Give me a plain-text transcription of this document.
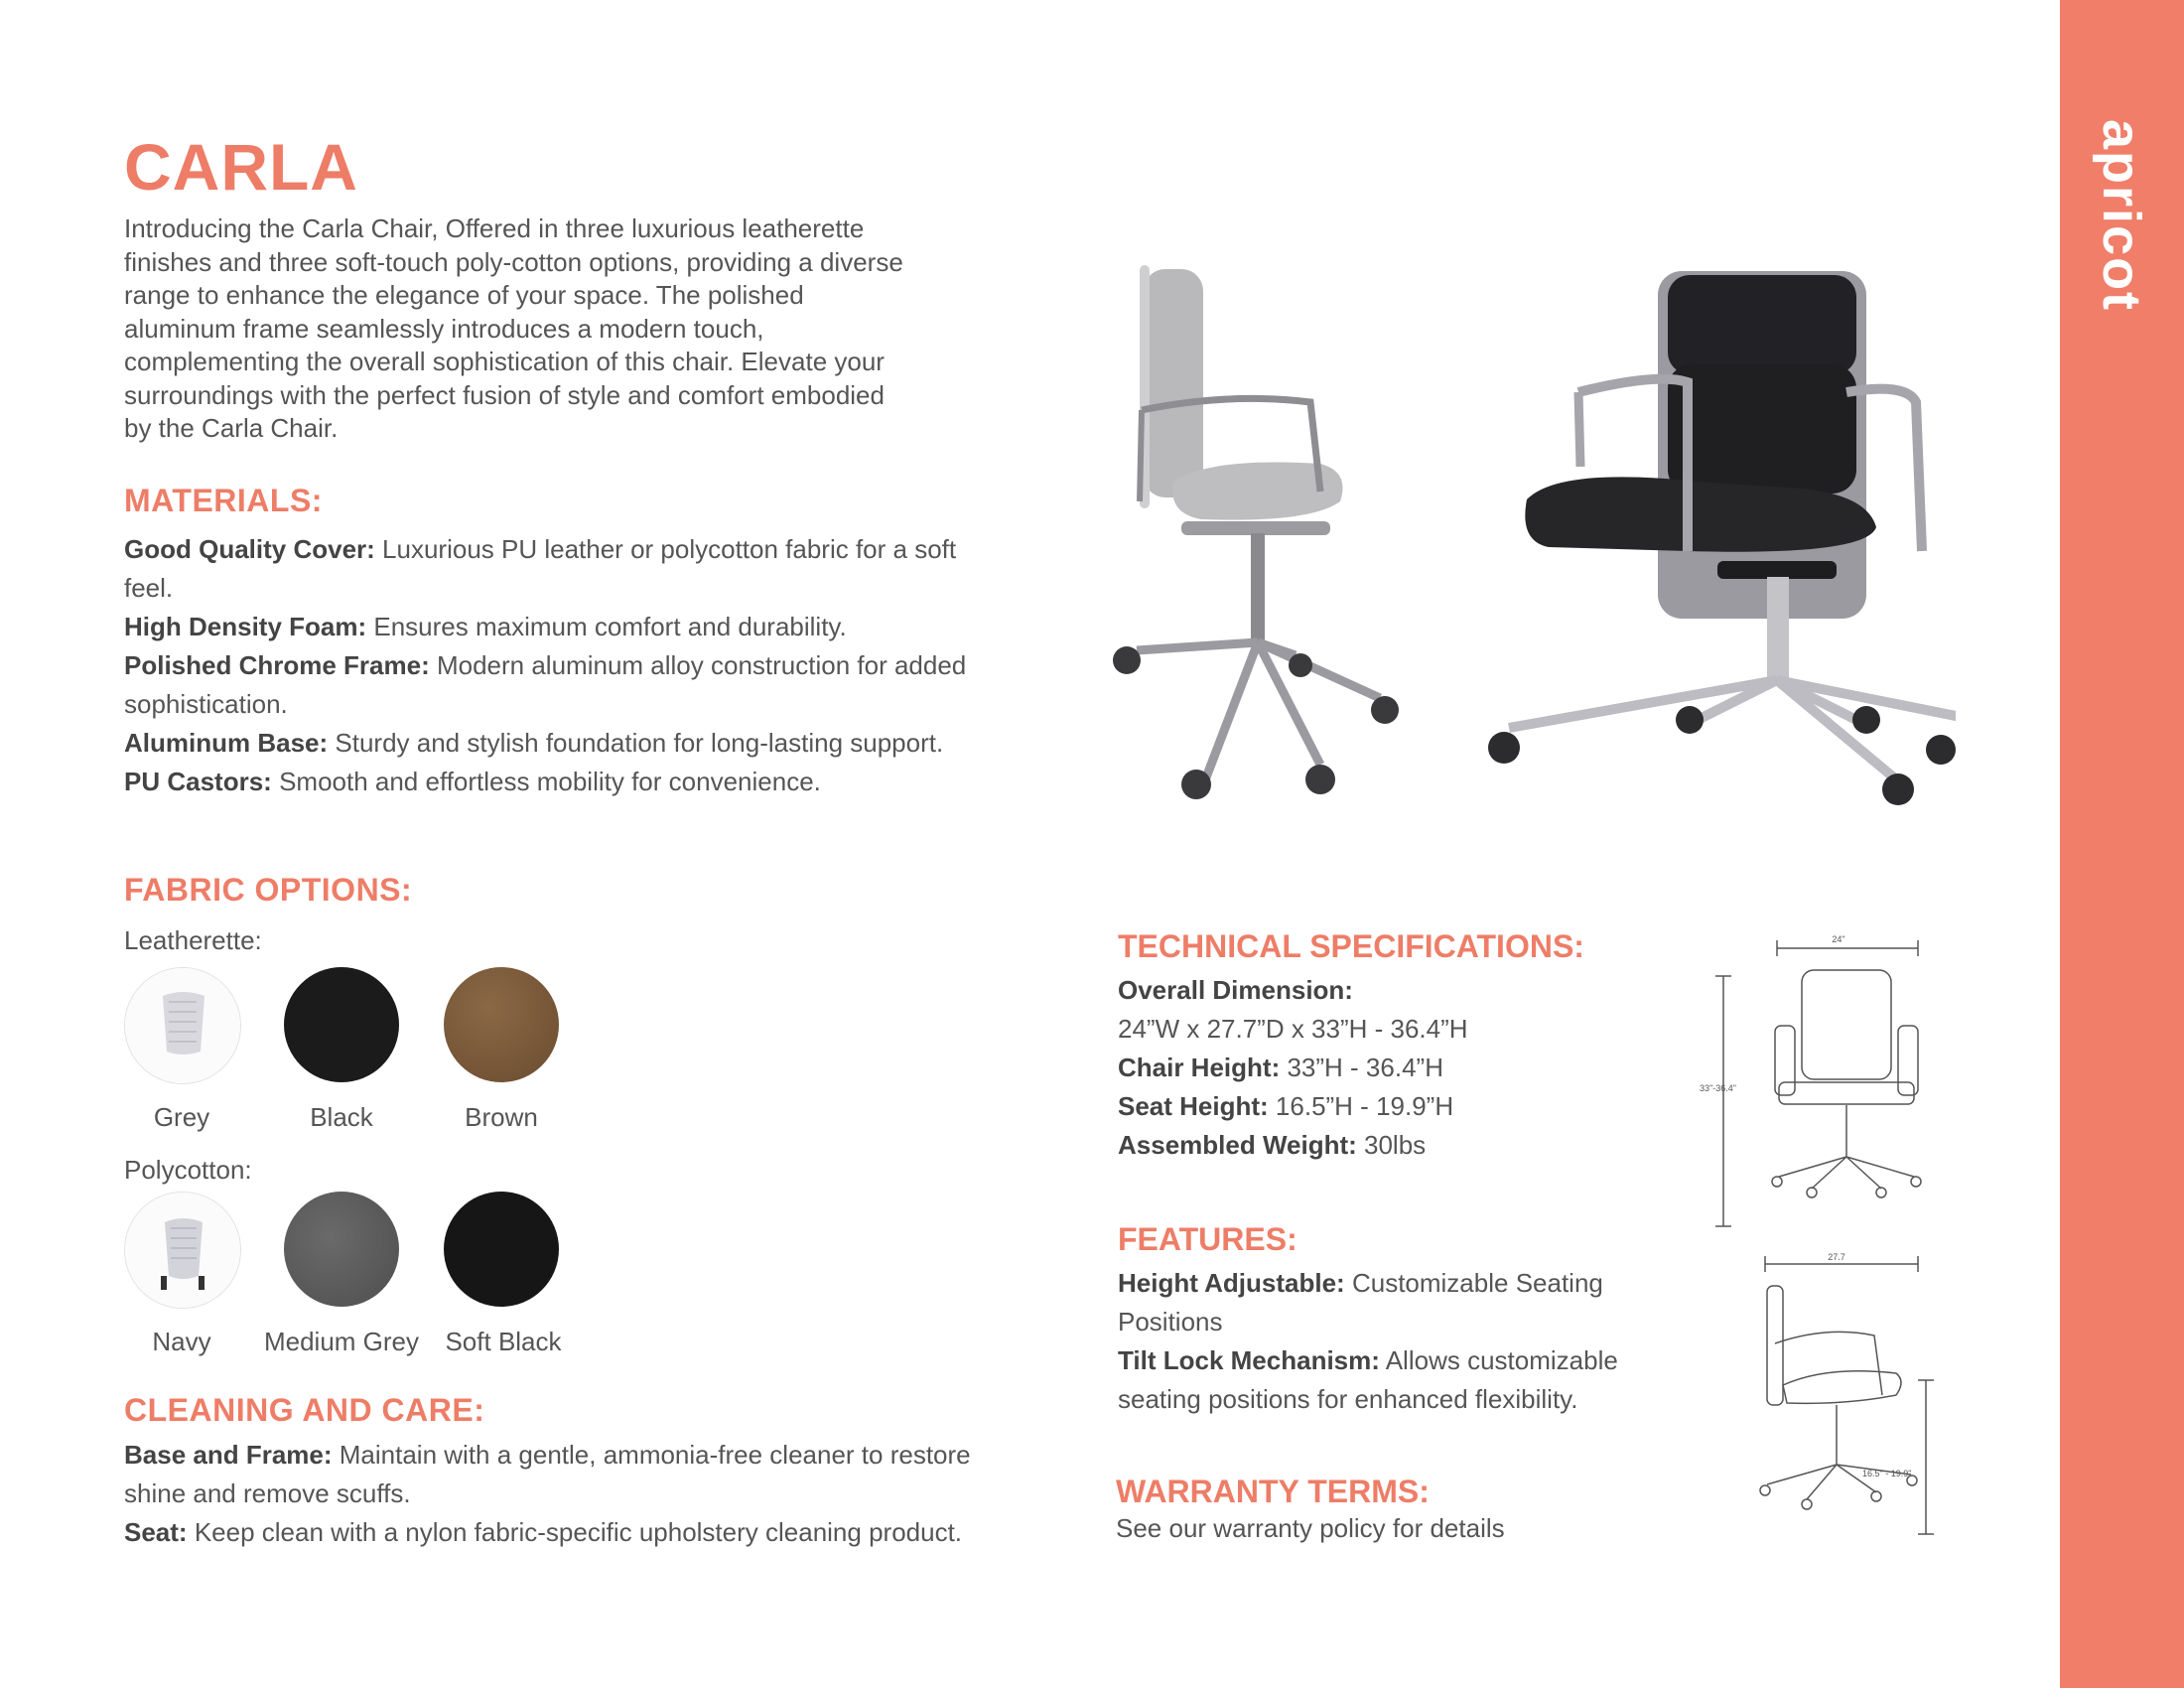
apricot
CARLA
Introducing the Carla Chair, Offered in three luxurious leatherette finishes and three soft-touch poly-cotton options, providing a diverse range to enhance the elegance of your space. The polished aluminum frame seamlessly introduces a modern touch, complementing the overall sophistication of this chair. Elevate your surroundings with the perfect fusion of style and comfort embodied by the Carla Chair.
MATERIALS:

Good Quality Cover: Luxurious PU leather or polycotton fabric for a soft feel.

High Density Foam: Ensures maximum comfort and durability.

Polished Chrome Frame: Modern aluminum alloy construction for added sophistication.

Aluminum Base: Sturdy and stylish foundation for long-lasting support.

PU Castors: Smooth and effortless mobility for convenience.

FABRIC OPTIONS:
Leatherette:
Grey	Black	Brown
Polycotton:
Navy	Medium Grey	Soft Black
CLEANING AND CARE:

Base and Frame: Maintain with a gentle, ammonia-free cleaner to restore shine and remove scuffs.

Seat: Keep clean with a nylon fabric-specific upholstery cleaning product.

TECHNICAL SPECIFICATIONS:

Overall Dimension:

24”W x 27.7”D x 33”H - 36.4”H

Chair Height: 33”H - 36.4”H

Seat Height: 16.5”H - 19.9”H

Assembled Weight: 30lbs

FEATURES:

Height Adjustable: Customizable Seating Positions

Tilt Lock Mechanism: Allows customizable seating positions for enhanced flexibility.

WARRANTY TERMS:
See our warranty policy for details
24"
33"-36.4"
27.7
16.5" - 19.9"
